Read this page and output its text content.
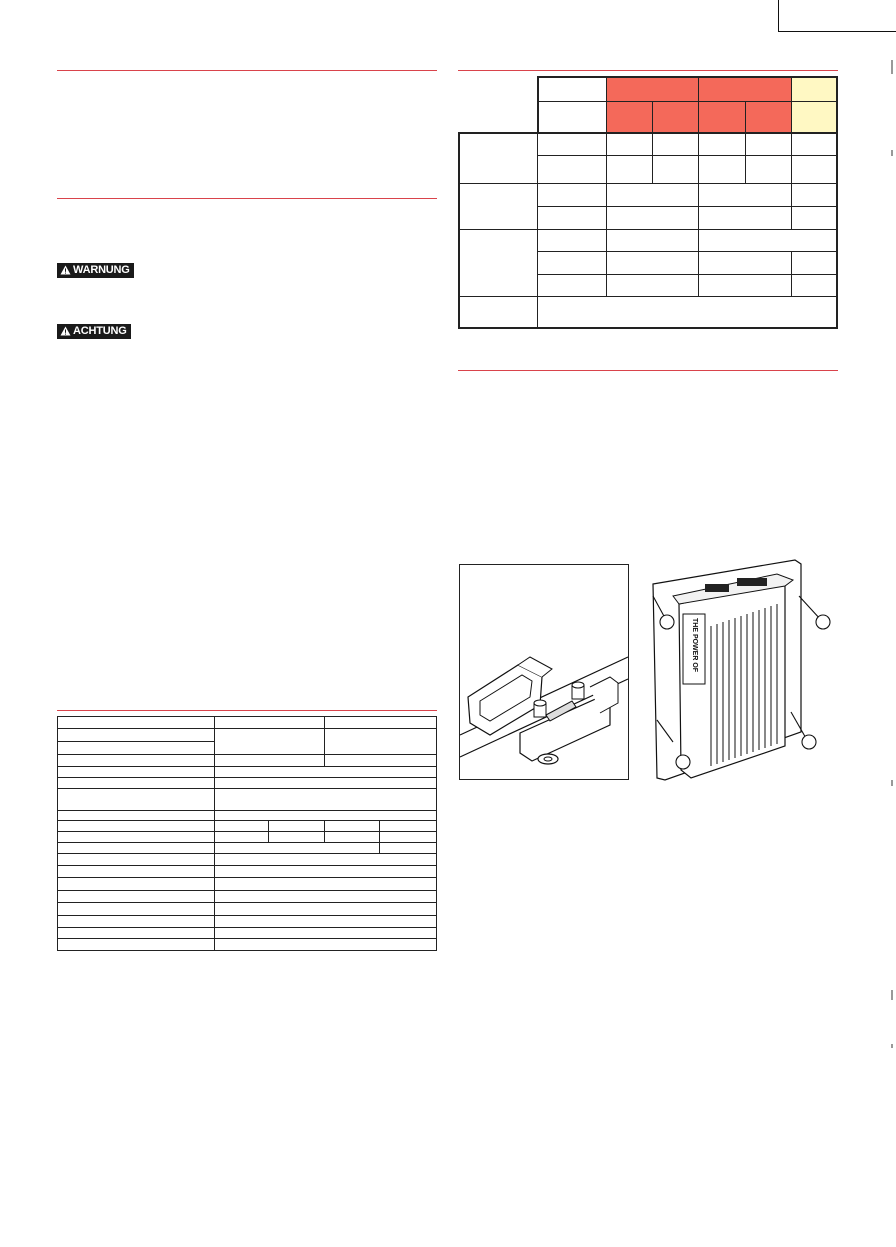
WARNUNG
ACHTUNG

THE POWER OF
